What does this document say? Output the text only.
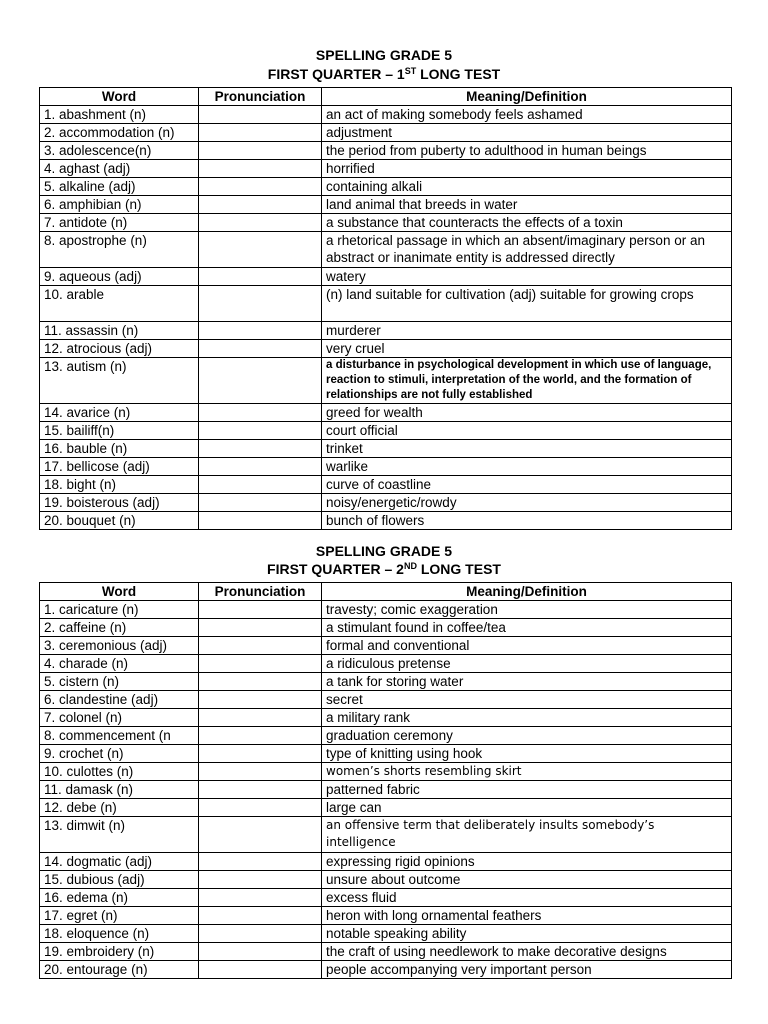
SPELLING GRADE 5
FIRST QUARTER – 1ST LONG TEST
Word	Pronunciation	Meaning/Definition
1. abashment (n)		an act of making somebody feels ashamed
2. accommodation (n)		adjustment
3. adolescence(n)		the period from puberty to adulthood in human beings
4. aghast (adj)		horrified
5. alkaline (adj)		containing alkali
6. amphibian (n)		land animal that breeds in water
7. antidote (n)		a substance that counteracts the effects of a toxin
8. apostrophe (n)		a rhetorical passage in which an absent/imaginary person or an abstract or inanimate entity is addressed directly
9. aqueous (adj)		watery
10. arable		(n) land suitable for cultivation (adj) suitable for growing crops
11. assassin (n)		murderer
12. atrocious (adj)		very cruel
13. autism (n)		a disturbance in psychological development in which use of language, reaction to stimuli, interpretation of the world, and the formation of relationships are not fully established
14. avarice (n)		greed for wealth
15. bailiff(n)		court official
16. bauble (n)		trinket
17. bellicose (adj)		warlike
18. bight (n)		curve of coastline
19. boisterous (adj)		noisy/energetic/rowdy
20. bouquet (n)		bunch of flowers
SPELLING GRADE 5
FIRST QUARTER – 2ND LONG TEST
Word	Pronunciation	Meaning/Definition
1. caricature (n)		travesty; comic exaggeration
2. caffeine (n)		a stimulant found in coffee/tea
3. ceremonious (adj)		formal and conventional
4. charade (n)		a ridiculous pretense
5. cistern (n)		a tank for storing water
6. clandestine (adj)		secret
7. colonel (n)		a military rank
8. commencement (n		graduation ceremony
9. crochet (n)		type of knitting using hook
10. culottes (n)		women’s shorts resembling skirt
11. damask (n)		patterned fabric
12. debe (n)		large can
13. dimwit (n)		an offensive term that deliberately insults somebody’s intelligence
14. dogmatic (adj)		expressing rigid opinions
15. dubious (adj)		unsure about outcome
16. edema (n)		excess fluid
17. egret (n)		heron with long ornamental feathers
18. eloquence (n)		notable speaking ability
19. embroidery (n)		the craft of using needlework to make decorative designs
20. entourage (n)		people accompanying very important person
